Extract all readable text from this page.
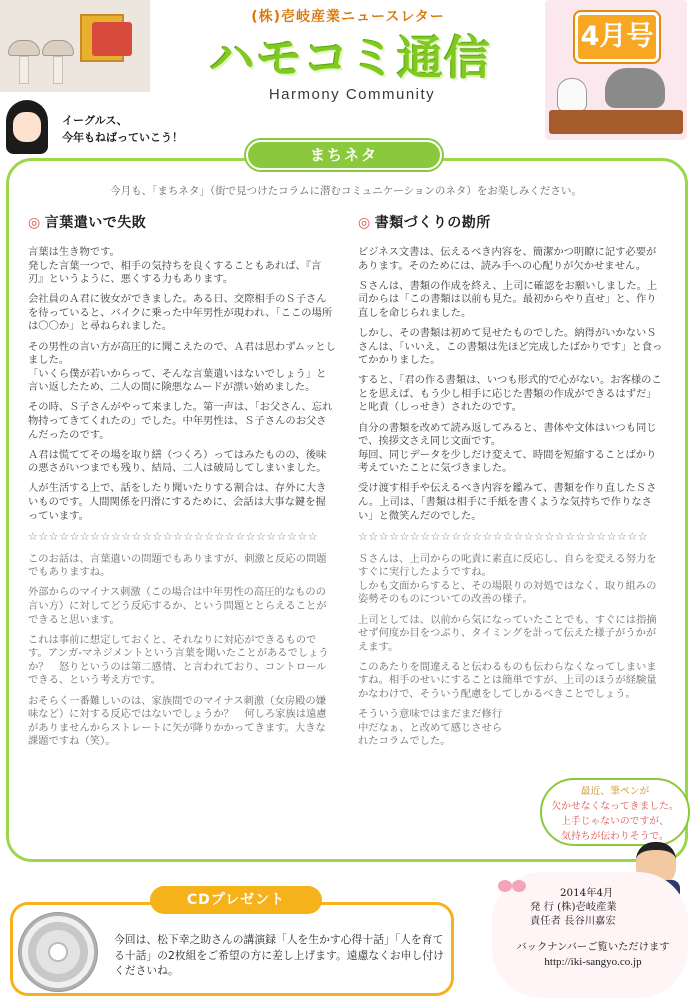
(株)壱岐産業ニュースレター
ハモコミ通信
Harmony Community
4月号
イーグルス、
今年もねばっていこう！
まちネタ
今月も、「まちネタ」（街で見つけたコラムに潜むコミュニケーションのネタ）をお楽しみください。
◎ 言葉遣いで失敗

言葉は生き物です。
発した言葉一つで、相手の気持ちを良くすることもあれば、『言刃』というように、悪くする力もあります。

会社員のＡ君に彼女ができました。ある日、交際相手のＳ子さんを待っていると、バイクに乗った中年男性が現われ、「ここの場所は〇〇か」と尋ねられました。

その男性の言い方が高圧的に聞こえたので、Ａ君は思わずムッとしました。
「いくら僕が若いからって、そんな言葉遣いはないでしょう」と言い返したため、二人の間に険悪なムードが漂い始めました。

その時、Ｓ子さんがやって来ました。第一声は、「お父さん、忘れ物持ってきてくれたの」でした。中年男性は、Ｓ子さんのお父さんだったのです。

Ａ君は慌ててその場を取り繕（つくろ）ってはみたものの、後味の悪さがいつまでも残り、結局、二人は破局してしまいました。

人が生活する上で、話をしたり聞いたりする割合は、存外に大きいものです。人間関係を円滑にするために、会話は大事な鍵を握っています。

☆☆☆☆☆☆☆☆☆☆☆☆☆☆☆☆☆☆☆☆☆☆☆☆☆☆☆☆

このお話は、言葉遣いの問題でもありますが、刺激と反応の問題でもありますね。

外部からのマイナス刺激（この場合は中年男性の高圧的なものの言い方）に対してどう反応するか、という問題ととらえることができると思います。

これは事前に想定しておくと、それなりに対応ができるものです。アンガ-マネジメントという言葉を聞いたことがあるでしょうか？　怒りというのは第二感情、と言われており、コントロールできる、という考え方です。

おそらく一番難しいのは、家族間でのマイナス刺激（女房殿の嫌味など）に対する反応ではないでしょうか？　何しろ家族は遠慮がありませんからストレートに矢が降りかかってきます。大きな課題ですね（笑）。

◎ 書類づくりの勘所

ビジネス文書は、伝えるべき内容を、簡潔かつ明瞭に記す必要があります。そのためには、読み手への心配りが欠かせません。

Ｓさんは、書類の作成を終え、上司に確認をお願いしました。上司からは「この書類は以前も見た。最初からやり直せ」と、作り直しを命じられました。

しかし、その書類は初めて見せたものでした。納得がいかないＳさんは、「いいえ、この書類は先ほど完成したばかりです」と食ってかかりました。

すると、「君の作る書類は、いつも形式的で心がない。お客様のことを思えば、もう少し相手に応じた書類の作成ができるはずだ」と叱責（しっせき）されたのです。

自分の書類を改めて読み返してみると、書体や文体はいつも同じで、挨拶文さえ同じ文面です。
毎回、同じデータを少しだけ変えて、時間を短縮することばかり考えていたことに気づきました。

受け渡す相手や伝えるべき内容を鑑みて、書類を作り直したＳさん。上司は、「書類は相手に手紙を書くような気持ちで作りなさい」と微笑んだのでした。

☆☆☆☆☆☆☆☆☆☆☆☆☆☆☆☆☆☆☆☆☆☆☆☆☆☆☆☆

Ｓさんは、上司からの叱責に素直に反応し、自らを変える努力をすぐに実行したようですね。
しかも文面からすると、その場限りの対処ではなく、取り組みの姿勢そのものについての改善の様子。

上司としては、以前から気になっていたことでも、すぐには指摘せず何度か目をつぶり、タイミングを計って伝えた様子がうかがえます。

このあたりを間違えると伝わるものも伝わらなくなってしまいますね。相手のせいにすることは簡単ですが、上司のほうが経験量かなわけで、そういう配慮をしてしかるべきことでしょう。

そういう意味ではまだまだ修行中だなぁ、と改めて感じさせられたコラムでした。

最近、筆ペンが
欠かせなくなってきました。
上手じゃないのですが、
気持ちが伝わりそうで。
CDプレゼント
今回は、松下幸之助さんの講演録「人を生かす心得十話」「人を育てる十話」の2枚組をご希望の方に差し上げます。遠慮なくお申し付けくださいね。
2014年4月
発 行 (株)壱岐産業
責任者 長谷川嘉宏
バックナンバーご覧いただけます
http://iki-sangyo.co.jp
